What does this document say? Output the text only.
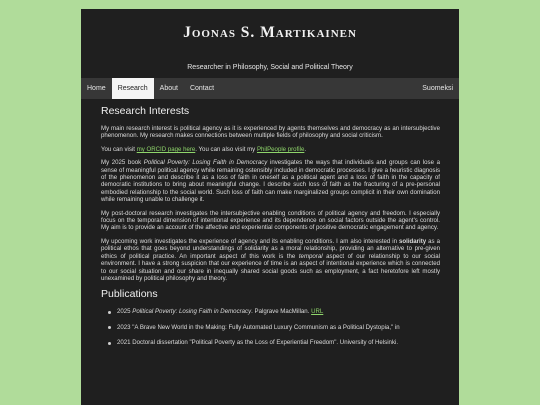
Joonas S. Martikainen
Researcher in Philosophy, Social and Political Theory
Home	Research	About	Contact	Suomeksi
Research Interests

My main research interest is political agency as it is experienced by agents themselves and democracy as an intersubjective phenomenon. My research makes connections between multiple fields of philosophy and social criticism.

You can visit my ORCID page here. You can also visit my PhilPeople profile.

My 2025 book Political Poverty: Losing Faith in Democracy investigates the ways that individuals and groups can lose a sense of meaningful political agency while remaining ostensibly included in democratic processes. I give a heuristic diagnosis of the phenomenon and describe it as a loss of faith in oneself as a political agent and a loss of faith in the capacity of democratic institutions to bring about meaningful change. I describe such loss of faith as the fracturing of a pre-personal embodied relationship to the social world. Such loss of faith can make marginalized groups complicit in their own domination while remaining unable to challenge it.

My post-doctoral research investigates the intersubjective enabling conditions of political agency and freedom. I especially focus on the temporal dimension of intentional experience and its dependence on social factors outside the agent's control. My aim is to provide an account of the affective and experiential components of positive democratic engagement and agency.

My upcoming work investigates the experience of agency and its enabling conditions. I am also interested in solidarity as a political ethos that goes beyond understandings of solidarity as a moral relationship, providing an alternative to pre-given ethics of political practice. An important aspect of this work is the temporal aspect of our relationship to our social environment. I have a strong suspicion that our experience of time is an aspect of intentional experience which is connected to our social situation and our share in inequally shared social goods such as employment, a fact heretofore left mostly unexamined by political philosophy and theory.

Publications
2025 Political Poverty: Losing Faith in Democracy. Palgrave MacMillan. URL
2023 "A Brave New World in the Making: Fully Automated Luxury Communism as a Political Dystopia," in
2021 Doctoral dissertation "Political Poverty as the Loss of Experiential Freedom". University of Helsinki.
